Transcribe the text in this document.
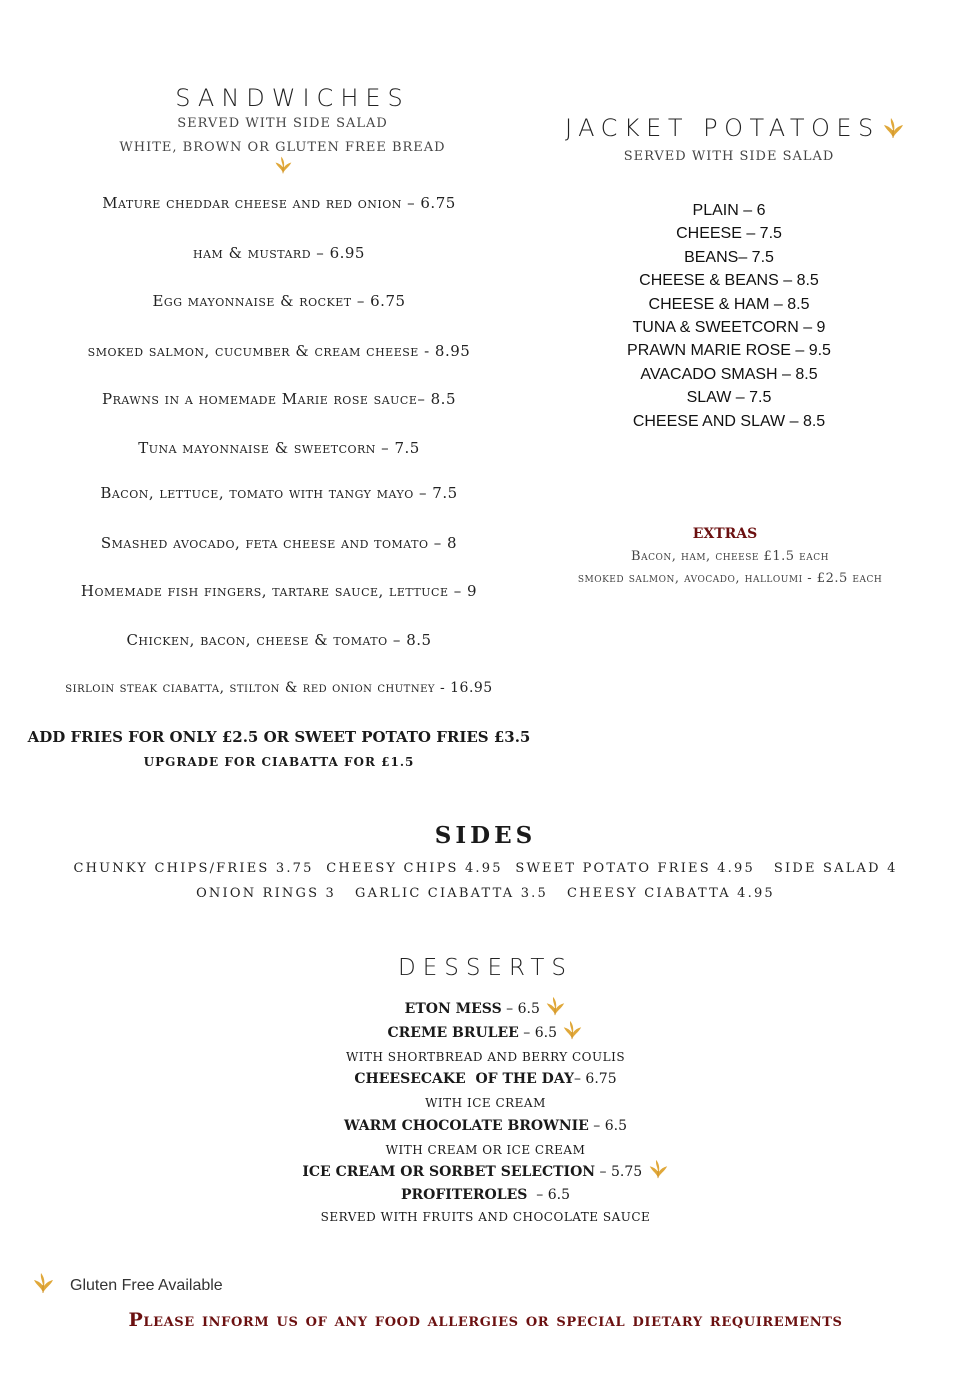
SANDWICHES
SERVED WITH SIDE SALAD
WHITE, BROWN OR GLUTEN FREE BREAD
Mature cheddar cheese and red onion – 6.75
ham & mustard – 6.95
Egg mayonnaise & rocket – 6.75
smoked salmon, cucumber & cream cheese - 8.95
Prawns in a homemade Marie rose sauce– 8.5
Tuna mayonnaise & sweetcorn – 7.5
Bacon, lettuce, tomato with tangy mayo – 7.5
Smashed avocado, feta cheese and tomato – 8
Homemade fish fingers, tartare sauce, lettuce – 9
Chicken, bacon, cheese & tomato – 8.5
sirloin steak ciabatta, stilton & red onion chutney - 16.95
ADD FRIES FOR ONLY £2.5 OR SWEET POTATO FRIES £3.5
UPGRADE FOR CIABATTA FOR £1.5
JACKET POTATOES
SERVED WITH SIDE SALAD
PLAIN – 6
CHEESE – 7.5
BEANS– 7.5
CHEESE & BEANS – 8.5
CHEESE & HAM – 8.5
TUNA & SWEETCORN – 9
PRAWN MARIE ROSE – 9.5
AVACADO SMASH – 8.5
SLAW – 7.5
CHEESE AND SLAW – 8.5
EXTRAS
Bacon, ham, cheese £1.5 each
smoked salmon, avocado, halloumi - £2.5 each
SIDES
CHUNKY CHIPS/FRIES 3.75  CHEESY CHIPS 4.95  SWEET POTATO FRIES 4.95   SIDE SALAD 4
ONION RINGS 3   GARLIC CIABATTA 3.5   CHEESY CIABATTA 4.95
DESSERTS
ETON MESS – 6.5
CREME BRULEE – 6.5
WITH SHORTBREAD AND BERRY COULIS
CHEESECAKE  OF THE DAY– 6.75
WITH ICE CREAM
WARM CHOCOLATE BROWNIE – 6.5
WITH CREAM OR ICE CREAM
ICE CREAM OR SORBET SELECTION – 5.75
PROFITEROLES  – 6.5
SERVED WITH FRUITS AND CHOCOLATE SAUCE
Gluten Free Available
Please inform us of any food allergies or special dietary requirements
